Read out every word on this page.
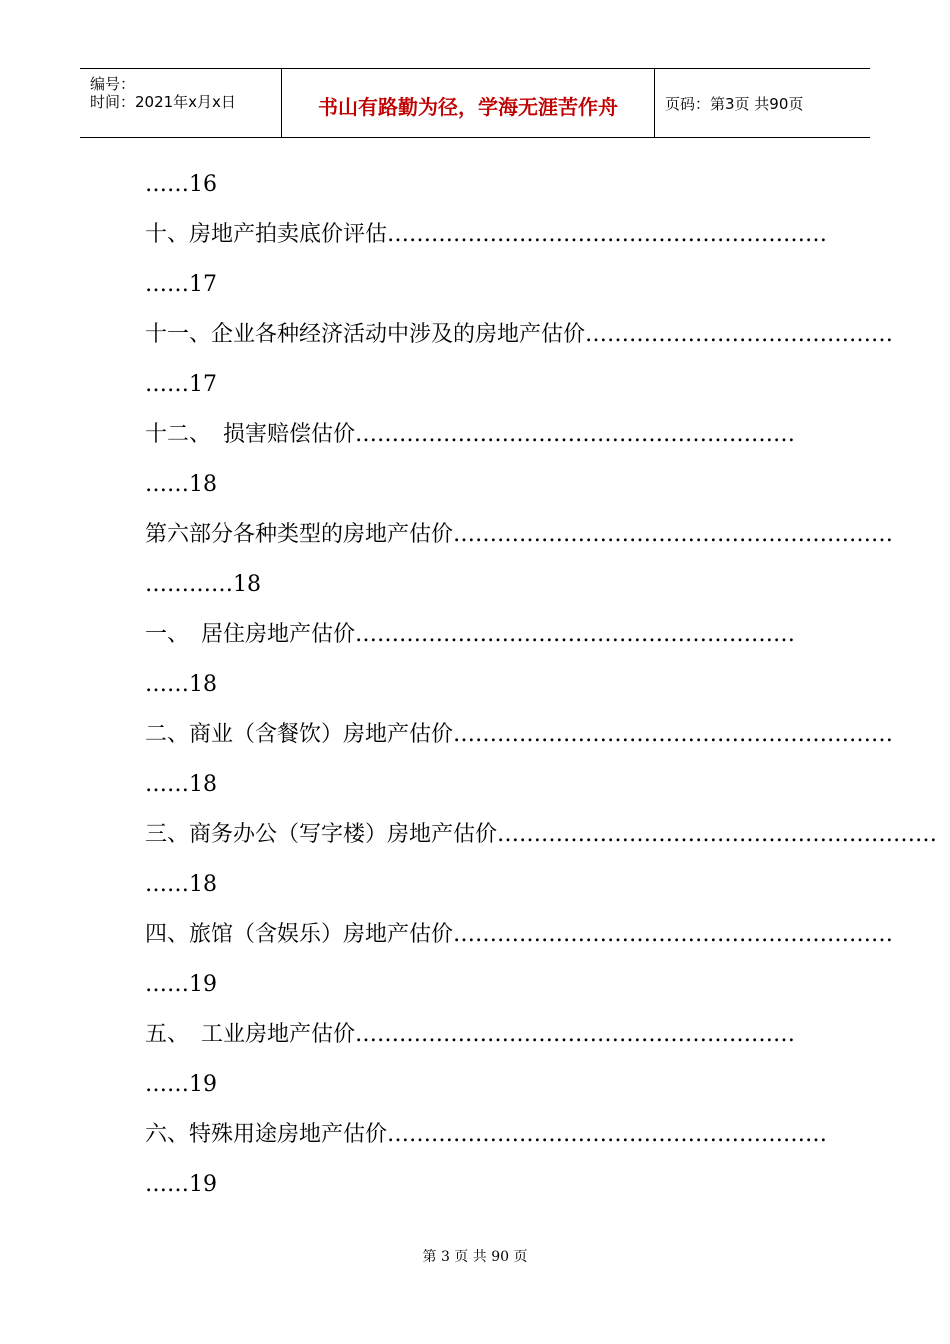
编号：
时间：2021年x月x日	书山有路勤为径，学海无涯苦作舟	页码：第3页 共90页
……16
十、 房地产拍卖底价评估 ……………………………………………………
……17
十一、 企业各种经济活动中涉及的房地产估价 ……………………………………
……17
十二、 损害赔偿估价 ……………………………………………………
……18
第六部分 各种类型的房地产估价 ……………………………………………………
…………18
一、 居住房地产估价 ……………………………………………………
……18
二、 商业（含餐饮）房地产估价 ……………………………………………………
……18
三、 商务办公（写字楼）房地产估价 ……………………………………………………
……18
四、 旅馆（含娱乐）房地产估价 ……………………………………………………
……19
五、 工业房地产估价 ……………………………………………………
……19
六、 特殊用途房地产估价 ……………………………………………………
……19
第 3 页 共 90 页
